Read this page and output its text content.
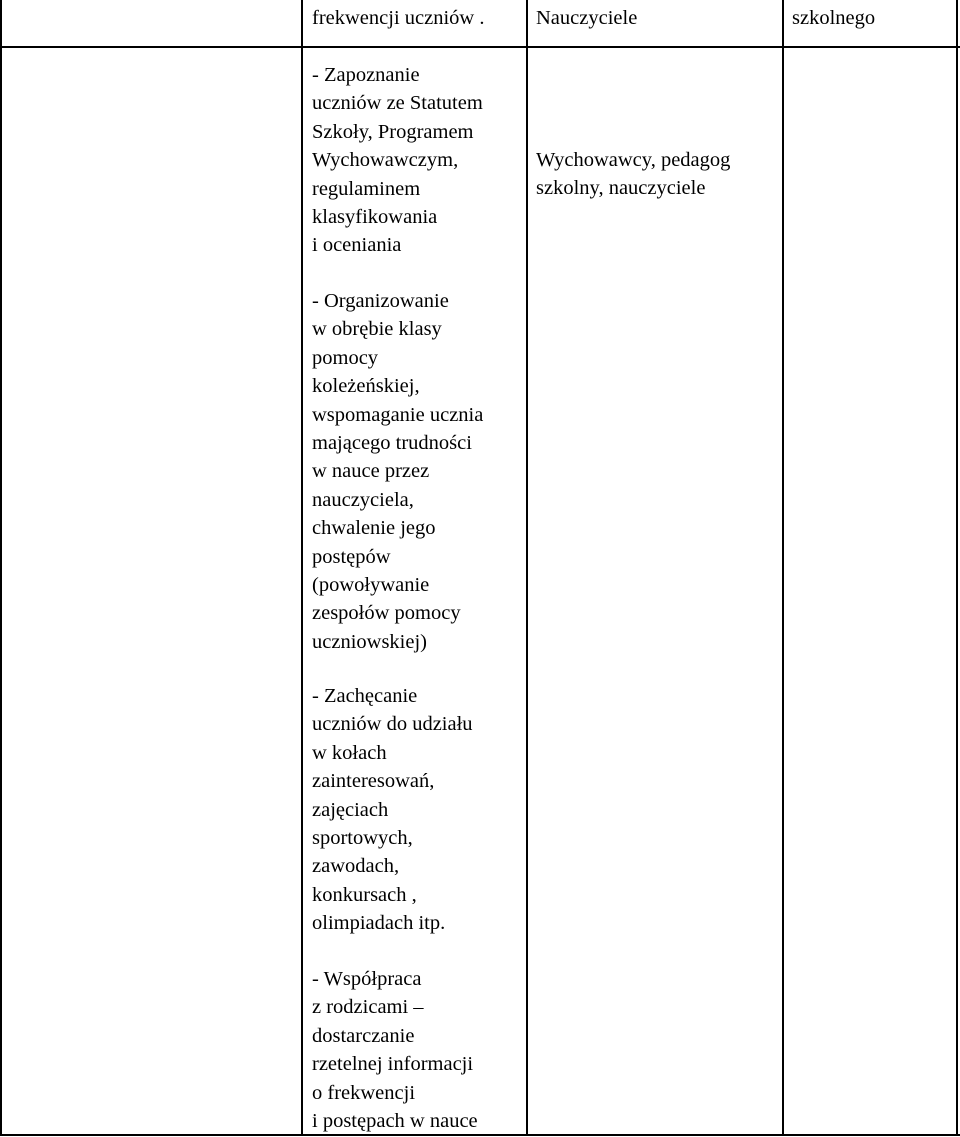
frekwencji uczniów .	Nauczyciele	szkolnego
- Zapoznanie
uczniów ze Statutem
Szkoły, Programem
Wychowawczym,
regulaminem
klasyfikowania
i oceniania
- Organizowanie
w obrębie klasy
pomocy
koleżeńskiej,
wspomaganie ucznia
mającego trudności
w nauce przez
nauczyciela,
chwalenie jego
postępów
(powoływanie
zespołów pomocy
uczniowskiej)
- Zachęcanie
uczniów do udziału
w kołach
zainteresowań,
zajęciach
sportowych,
zawodach,
konkursach ,
olimpiadach itp.
- Współpraca
z rodzicami –
dostarczanie
rzetelnej informacji
o frekwencji
i postępach w nauce
Wychowawcy, pedagog
szkolny, nauczyciele
